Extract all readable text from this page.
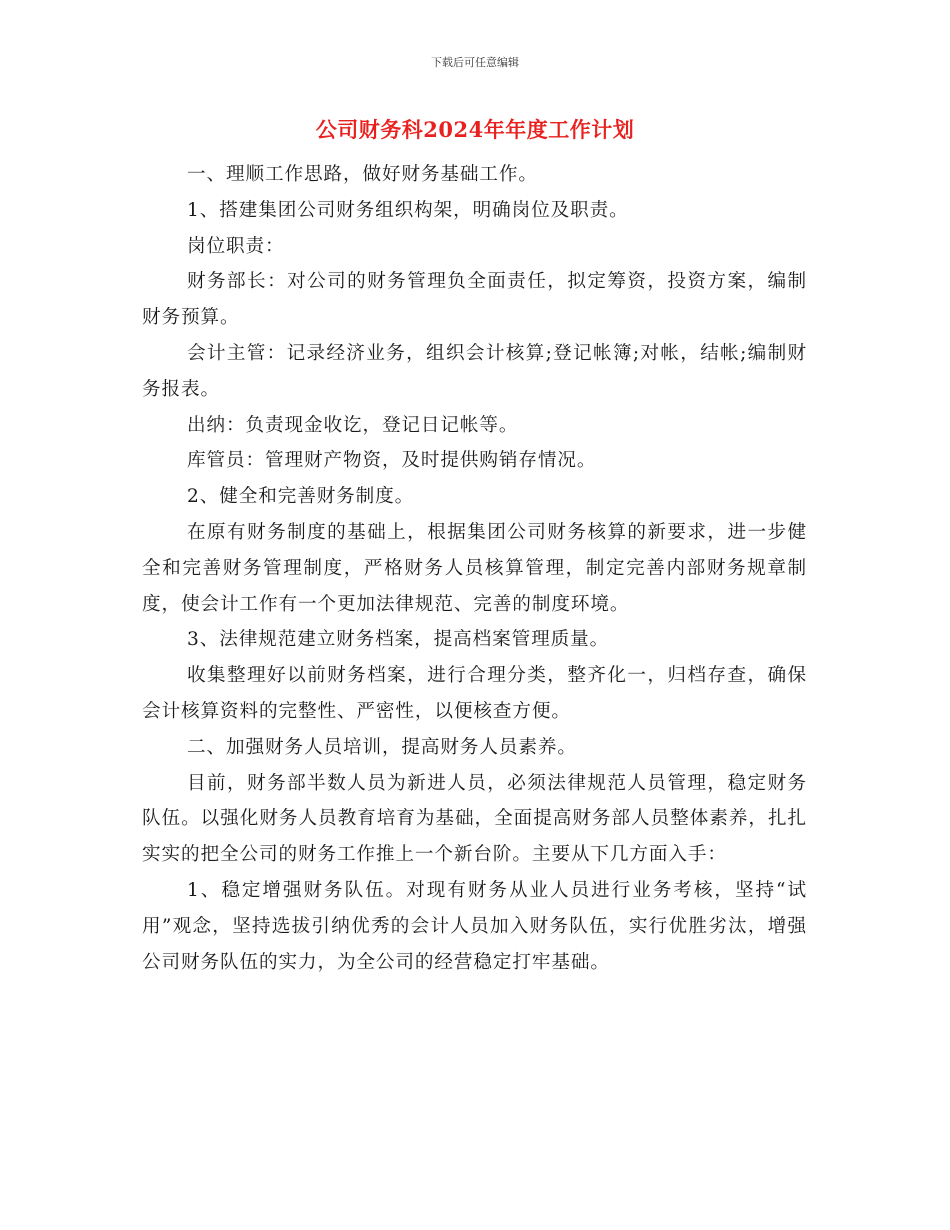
下载后可任意编辑
公司财务科2024年年度工作计划

一、理顺工作思路，做好财务基础工作。

1、搭建集团公司财务组织构架，明确岗位及职责。

岗位职责：

财务部长：对公司的财务管理负全面责任，拟定筹资，投资方案，编制财务预算。

会计主管：记录经济业务，组织会计核算;登记帐簿;对帐，结帐;编制财务报表。

出纳：负责现金收讫，登记日记帐等。

库管员：管理财产物资，及时提供购销存情况。

2、健全和完善财务制度。

在原有财务制度的基础上，根据集团公司财务核算的新要求，进一步健全和完善财务管理制度，严格财务人员核算管理，制定完善内部财务规章制度，使会计工作有一个更加法律规范、完善的制度环境。

3、法律规范建立财务档案，提高档案管理质量。

收集整理好以前财务档案，进行合理分类，整齐化一，归档存查，确保会计核算资料的完整性、严密性，以便核查方便。

二、加强财务人员培训，提高财务人员素养。

目前，财务部半数人员为新进人员，必须法律规范人员管理，稳定财务队伍。以强化财务人员教育培育为基础，全面提高财务部人员整体素养，扎扎实实的把全公司的财务工作推上一个新台阶。主要从下几方面入手：

1、稳定增强财务队伍。对现有财务从业人员进行业务考核，坚持“试用”观念，坚持选拔引纳优秀的会计人员加入财务队伍，实行优胜劣汰，增强公司财务队伍的实力，为全公司的经营稳定打牢基础。
